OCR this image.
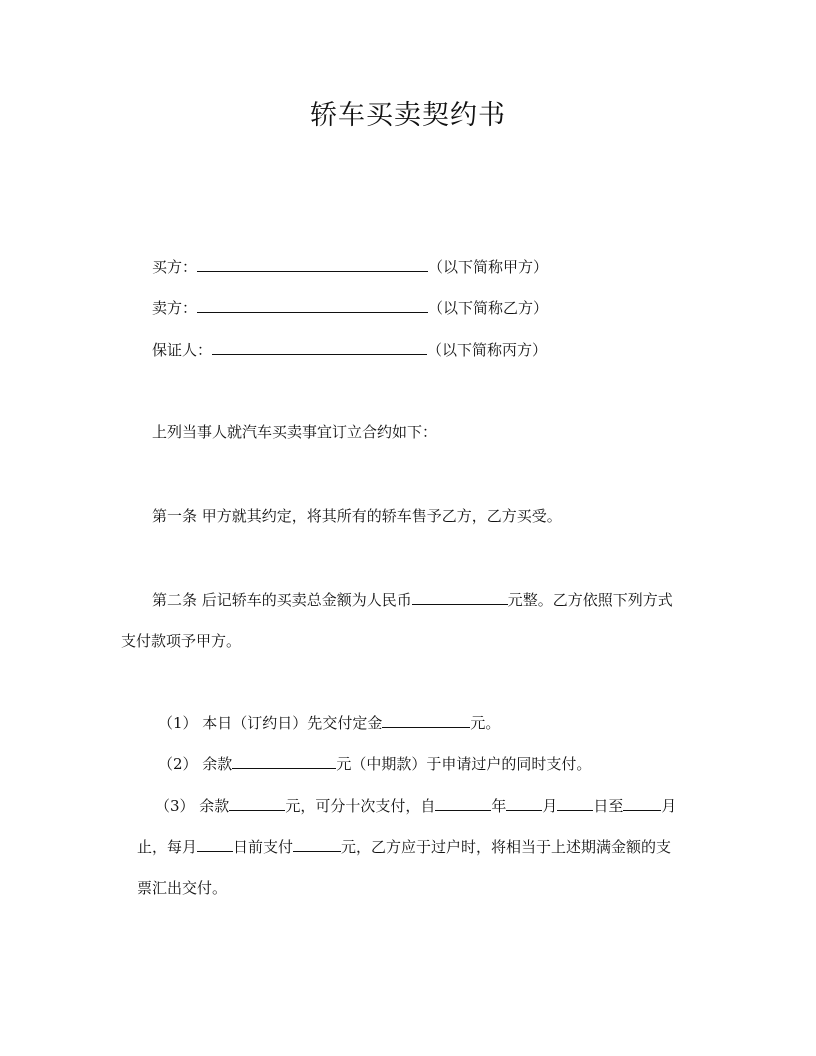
轿车买卖契约书
买方：	（以下简称甲方）
卖方：	（以下简称乙方）
保证人：	（以下简称丙方）
上列当事人就汽车买卖事宜订立合约如下：
第一条 甲方就其约定，将其所有的轿车售予乙方，乙方买受。
第二条 后记轿车的买卖总金额为人民币	元整。乙方依照下列方式
支付款项予甲方。
（1） 本日（订约日）先交付定金	元。
（2） 余款	元（中期款）于申请过户的同时支付。
（3） 余款	元，可分十次支付，自	年 月 日至	月
止，每月 日前支付	元，乙方应于过户时，将相当于上述期满金额的支
票汇出交付。
